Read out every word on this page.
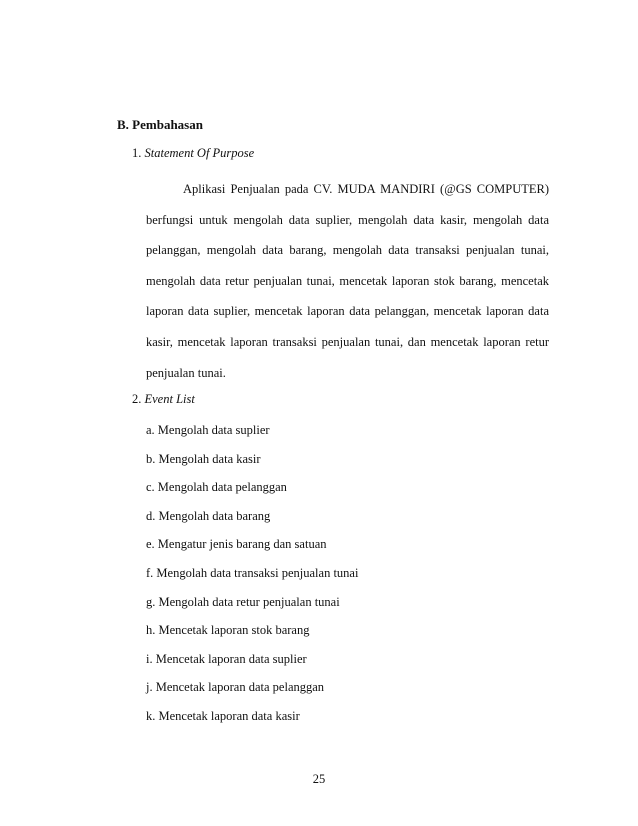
B. Pembahasan

1. Statement Of Purpose

Aplikasi Penjualan pada CV. MUDA MANDIRI (@GS COMPUTER) berfungsi untuk mengolah data suplier, mengolah data kasir, mengolah data pelanggan, mengolah data barang, mengolah data transaksi penjualan tunai, mengolah data retur penjualan tunai, mencetak laporan stok barang, mencetak laporan data suplier, mencetak laporan data pelanggan, mencetak laporan data kasir, mencetak laporan transaksi penjualan tunai, dan mencetak laporan retur penjualan tunai.

2. Event List

a. Mengolah data suplier
b. Mengolah data kasir
c. Mengolah data pelanggan
d. Mengolah data barang
e. Mengatur jenis barang dan satuan
f. Mengolah data transaksi penjualan tunai
g. Mengolah data retur penjualan tunai
h. Mencetak laporan stok barang
i. Mencetak laporan data suplier
j. Mencetak laporan data pelanggan
k. Mencetak laporan data kasir

25
